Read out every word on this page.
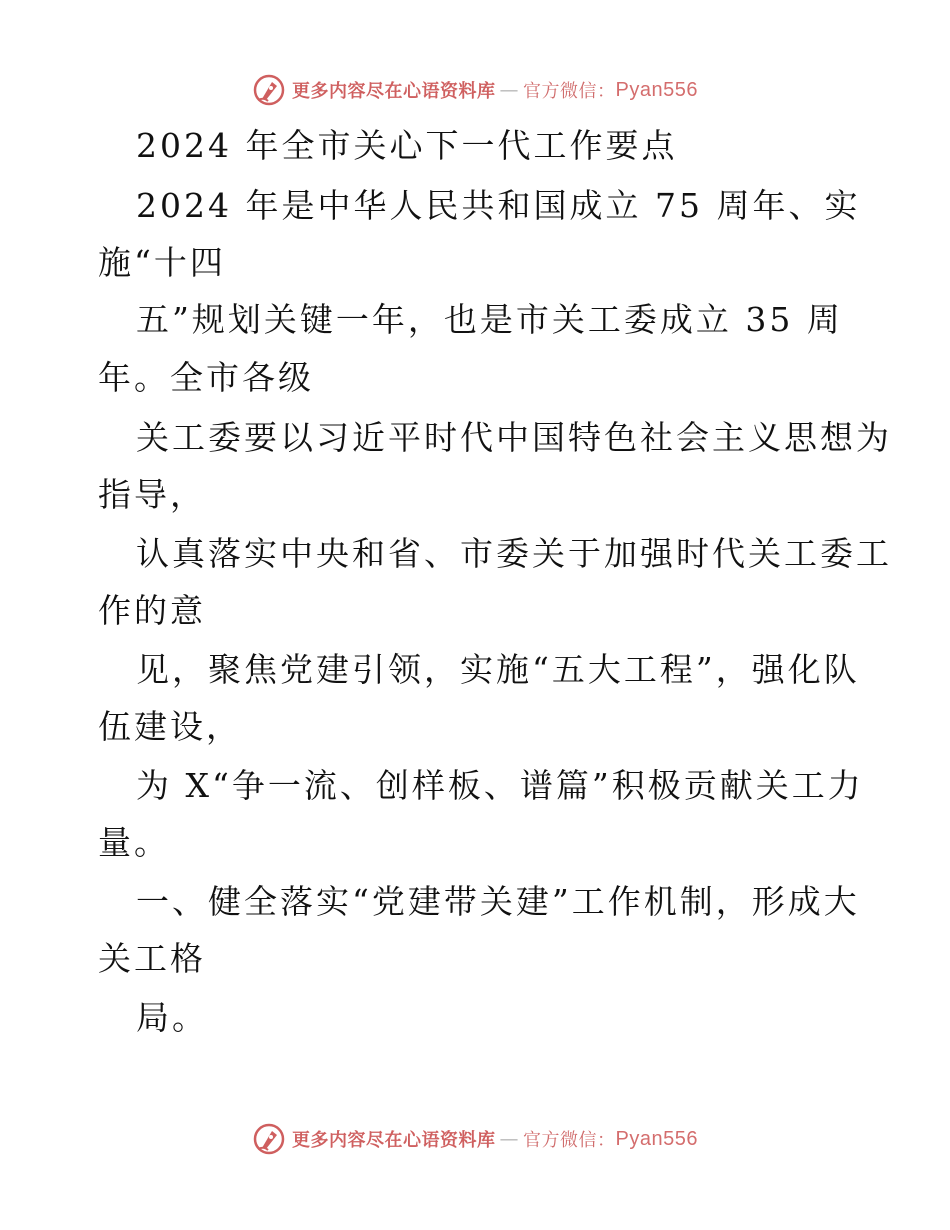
更多内容尽在心语资料库 — 官方微信： Pyan556
2024 年全市关心下一代工作要点
2024 年是中华人民共和国成立 75 周年、实
施“十四
五”规划关键一年，也是市关工委成立 35 周
年。全市各级
关工委要以习近平时代中国特色社会主义思想为
指导，
认真落实中央和省、市委关于加强时代关工委工
作的意
见，聚焦党建引领，实施“五大工程”，强化队
伍建设，
为 X“争一流、创样板、谱篇”积极贡献关工力
量。
一、健全落实“党建带关建”工作机制，形成大
关工格
局。
更多内容尽在心语资料库 — 官方微信： Pyan556
